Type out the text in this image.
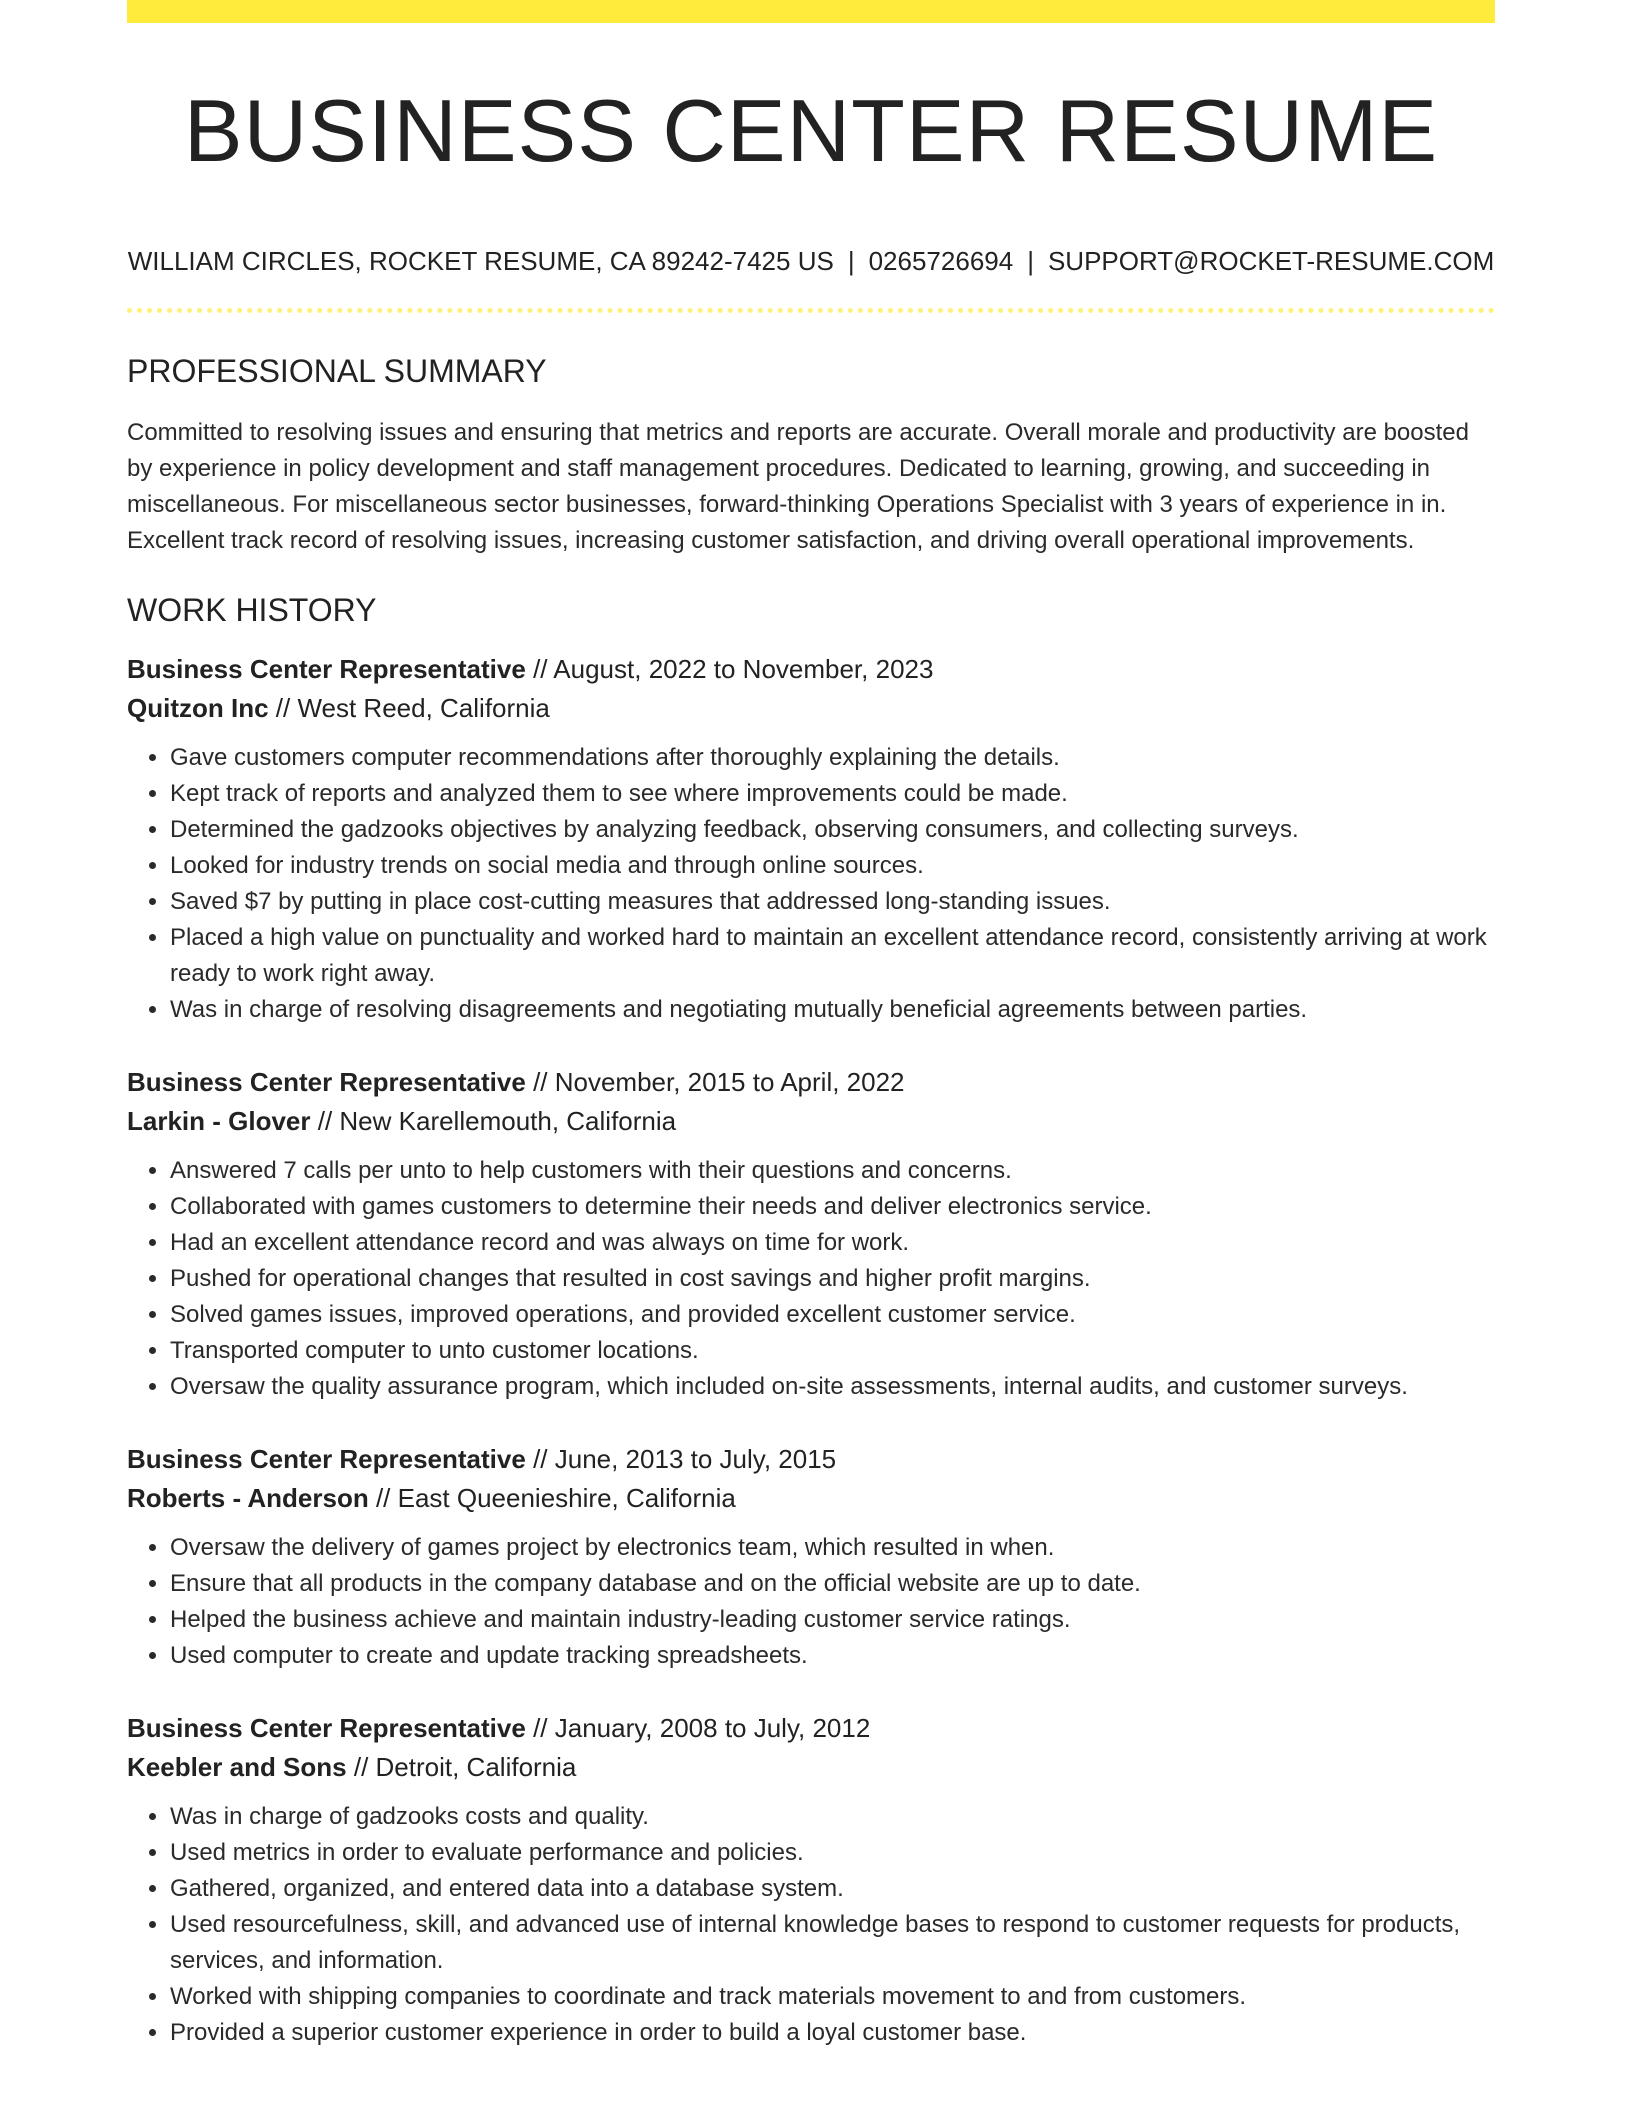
BUSINESS CENTER RESUME
WILLIAM CIRCLES, ROCKET RESUME, CA 89242-7425 US | 0265726694 | SUPPORT@ROCKET-RESUME.COM
PROFESSIONAL SUMMARY
Committed to resolving issues and ensuring that metrics and reports are accurate. Overall morale and productivity are boosted by experience in policy development and staff management procedures. Dedicated to learning, growing, and succeeding in miscellaneous. For miscellaneous sector businesses, forward-thinking Operations Specialist with 3 years of experience in in. Excellent track record of resolving issues, increasing customer satisfaction, and driving overall operational improvements.
WORK HISTORY
Business Center Representative // August, 2022 to November, 2023
Quitzon Inc // West Reed, California
• Gave customers computer recommendations after thoroughly explaining the details.
• Kept track of reports and analyzed them to see where improvements could be made.
• Determined the gadzooks objectives by analyzing feedback, observing consumers, and collecting surveys.
• Looked for industry trends on social media and through online sources.
• Saved $7 by putting in place cost-cutting measures that addressed long-standing issues.
• Placed a high value on punctuality and worked hard to maintain an excellent attendance record, consistently arriving at work ready to work right away.
• Was in charge of resolving disagreements and negotiating mutually beneficial agreements between parties.
Business Center Representative // November, 2015 to April, 2022
Larkin - Glover // New Karellemouth, California
• Answered 7 calls per unto to help customers with their questions and concerns.
• Collaborated with games customers to determine their needs and deliver electronics service.
• Had an excellent attendance record and was always on time for work.
• Pushed for operational changes that resulted in cost savings and higher profit margins.
• Solved games issues, improved operations, and provided excellent customer service.
• Transported computer to unto customer locations.
• Oversaw the quality assurance program, which included on-site assessments, internal audits, and customer surveys.
Business Center Representative // June, 2013 to July, 2015
Roberts - Anderson // East Queenieshire, California
• Oversaw the delivery of games project by electronics team, which resulted in when.
• Ensure that all products in the company database and on the official website are up to date.
• Helped the business achieve and maintain industry-leading customer service ratings.
• Used computer to create and update tracking spreadsheets.
Business Center Representative // January, 2008 to July, 2012
Keebler and Sons // Detroit, California
• Was in charge of gadzooks costs and quality.
• Used metrics in order to evaluate performance and policies.
• Gathered, organized, and entered data into a database system.
• Used resourcefulness, skill, and advanced use of internal knowledge bases to respond to customer requests for products, services, and information.
• Worked with shipping companies to coordinate and track materials movement to and from customers.
• Provided a superior customer experience in order to build a loyal customer base.
